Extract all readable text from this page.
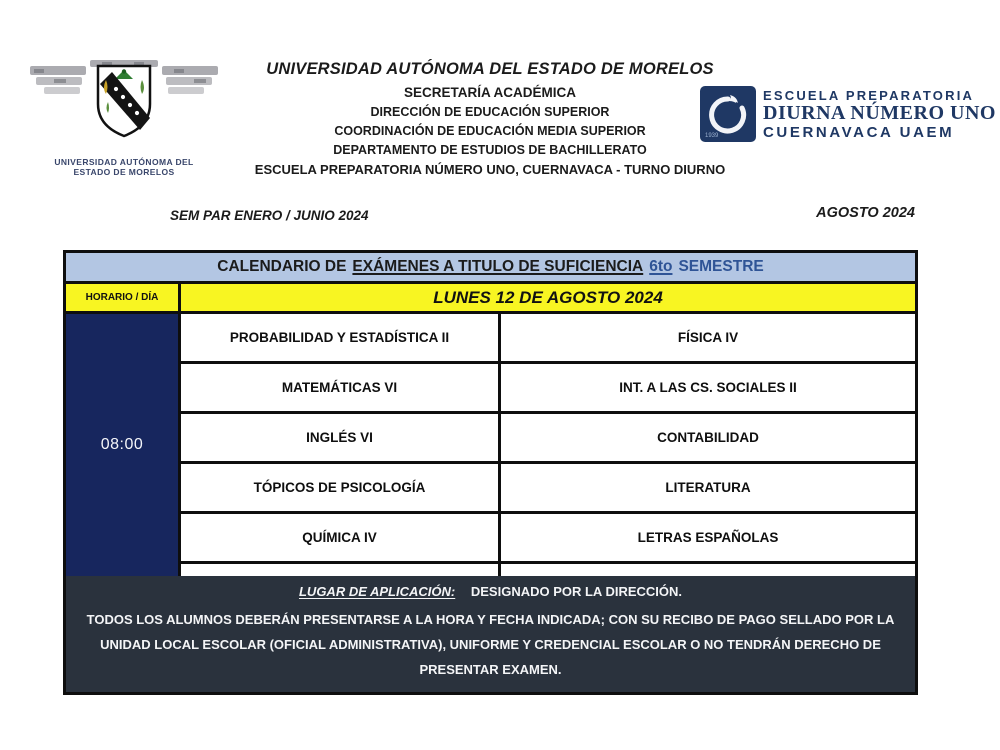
UNIVERSIDAD AUTÓNOMA DEL
ESTADO DE MORELOS
UNIVERSIDAD AUTÓNOMA DEL ESTADO DE MORELOS
SECRETARÍA ACADÉMICA
DIRECCIÓN DE EDUCACIÓN SUPERIOR
COORDINACIÓN DE EDUCACIÓN MEDIA SUPERIOR
DEPARTAMENTO DE ESTUDIOS DE BACHILLERATO
ESCUELA PREPARATORIA NÚMERO UNO, CUERNAVACA - TURNO DIURNO
1939
ESCUELA PREPARATORIA
DIURNA NÚMERO UNO
CUERNAVACA UAEM
SEM PAR ENERO / JUNIO 2024	AGOSTO 2024
CALENDARIO DE EXÁMENES A TITULO DE SUFICIENCIA 6to SEMESTRE
HORARIO / DÍA	LUNES 12 DE AGOSTO 2024
08:00
PROBABILIDAD Y ESTADÍSTICA II	FÍSICA IV
MATEMÁTICAS VI	INT. A LAS CS. SOCIALES II
INGLÉS VI	CONTABILIDAD
TÓPICOS DE PSICOLOGÍA	LITERATURA
QUÍMICA IV	LETRAS ESPAÑOLAS
LUGAR DE APLICACIÓN: DESIGNADO POR LA DIRECCIÓN.
TODOS LOS ALUMNOS DEBERÁN PRESENTARSE A LA HORA Y FECHA INDICADA; CON SU RECIBO DE PAGO SELLADO POR LA UNIDAD LOCAL ESCOLAR (OFICIAL ADMINISTRATIVA), UNIFORME Y CREDENCIAL ESCOLAR O NO TENDRÁN DERECHO DE PRESENTAR EXAMEN.
